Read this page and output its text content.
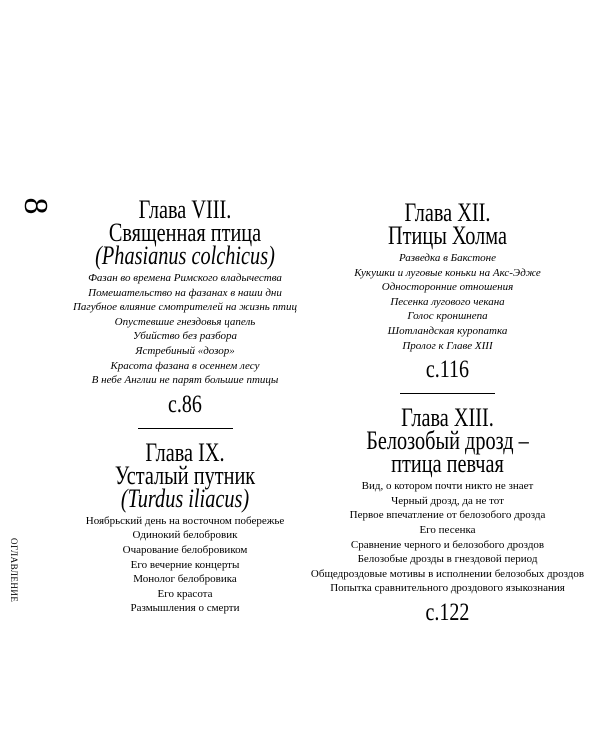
8
ОГЛАВЛЕНИЕ
Глава VIII.
Священная птица
(Phasianus colchicus)
Фазан во времена Римского владычества
Помешательство на фазанах в наши дни
Пагубное влияние смотрителей на жизнь птиц
Опустевшие гнездовья цапель
Убийство без разбора
Ястребиный «дозор»
Красота фазана в осеннем лесу
В небе Англии не парят большие птицы
с.86
Глава IX.
Усталый путник
(Turdus iliacus)
Ноябрьский день на восточном побережье
Одинокий белобровик
Очарование белобровиком
Его вечерние концерты
Монолог белобровика
Его красота
Размышления о смерти
Глава XII.
Птицы Холма
Разведка в Бакстоне
Кукушки и луговые коньки на Акс-Эдже
Односторонние отношения
Песенка лугового чекана
Голос кроншнепа
Шотландская куропатка
Пролог к Главе XIII
с.116
Глава XIII.
Белозобый дрозд –
птица певчая
Вид, о котором почти никто не знает
Черный дрозд, да не тот
Первое впечатление от белозобого дрозда
Его песенка
Сравнение черного и белозобого дроздов
Белозобые дрозды в гнездовой период
Общедроздовые мотивы в исполнении белозобых дроздов
Попытка сравнительного дроздового языкознания
с.122
